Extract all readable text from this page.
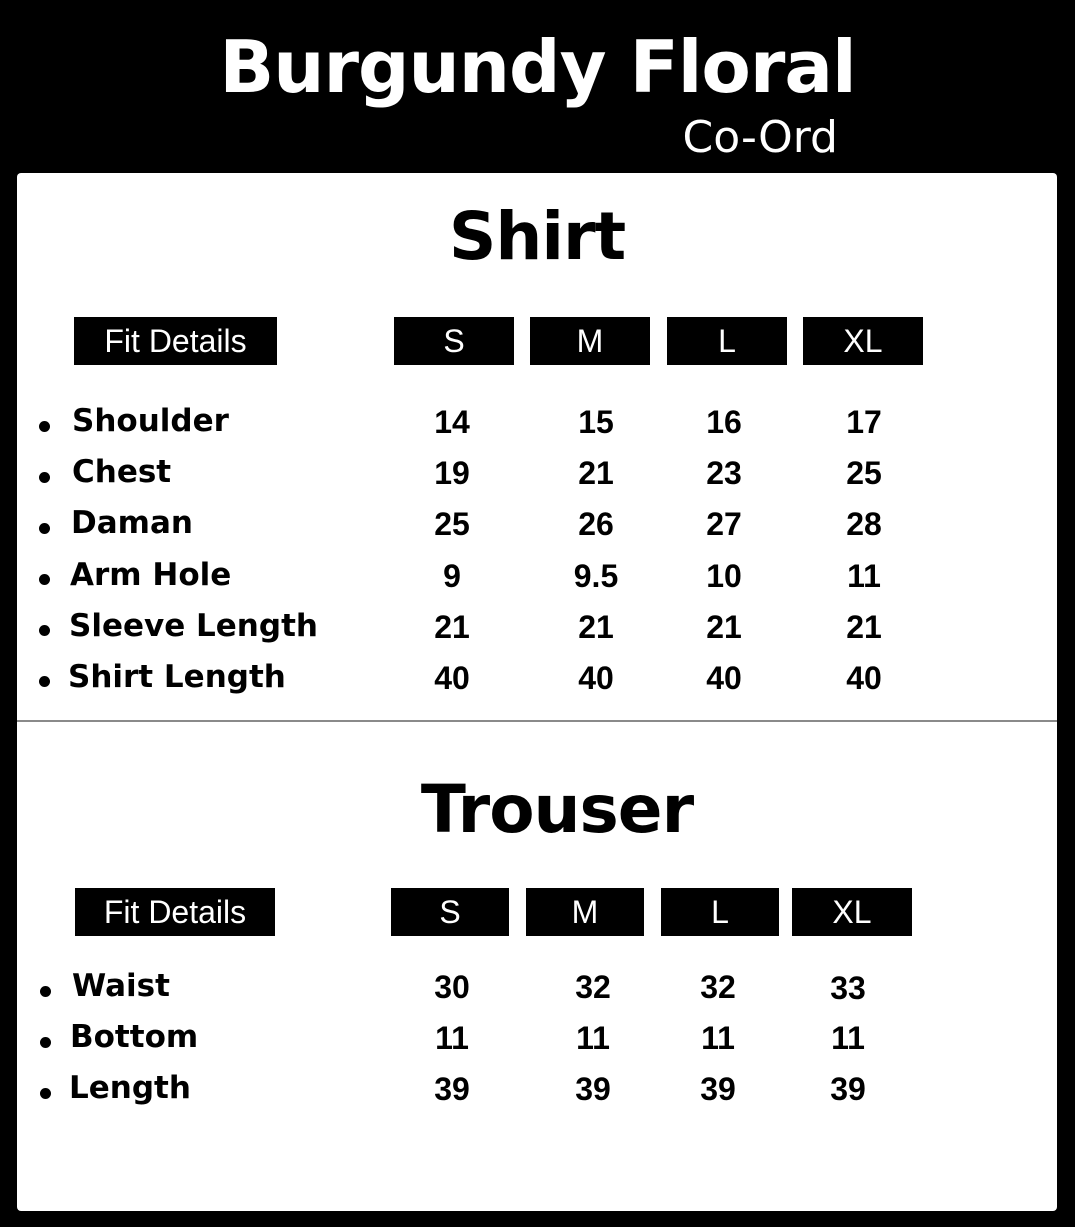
Burgundy Floral
Co-Ord
Shirt
Fit Details	S	M	L	XL
Shoulder	14	15	16	17
Chest	19	21	23	25
Daman	25	26	27	28
Arm Hole	9	9.5	10	11
Sleeve Length	21	21	21	21
Shirt Length	40	40	40	40
Trouser
Fit Details	S	M	L	XL
Waist	30	32	32	33
Bottom	11	11	11	11
Length	39	39	39	39
